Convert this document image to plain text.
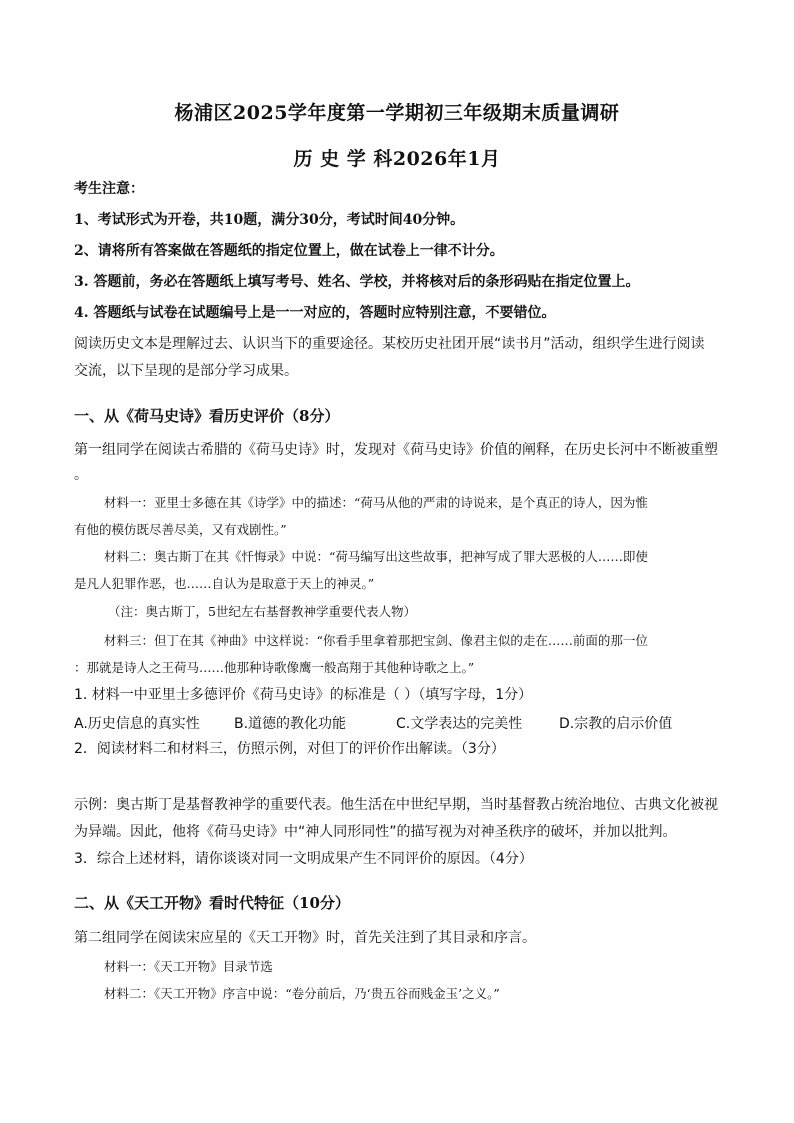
杨浦区2025学年度第一学期初三年级期末质量调研
历 史 学 科2026年1月
考生注意：
1、考试形式为开卷，共10题，满分30分，考试时间40分钟。
2、请将所有答案做在答题纸的指定位置上，做在试卷上一律不计分。
3. 答题前，务必在答题纸上填写考号、姓名、学校，并将核对后的条形码贴在指定位置上。
4. 答题纸与试卷在试题编号上是一一对应的，答题时应特别注意，不要错位。
阅读历史文本是理解过去、认识当下的重要途径。某校历史社团开展“读书月”活动，组织学生进行阅读
交流，以下呈现的是部分学习成果。
一、从《荷马史诗》看历史评价（8分）
第一组同学在阅读古希腊的《荷马史诗》时，发现对《荷马史诗》价值的阐释，在历史长河中不断被重塑
。
材料一：亚里士多德在其《诗学》中的描述：“荷马从他的严肃的诗说来，是个真正的诗人，因为惟
有他的模仿既尽善尽美，又有戏剧性。”
材料二：奥古斯丁在其《忏悔录》中说：“荷马编写出这些故事，把神写成了罪大恶极的人……即使
是凡人犯罪作恶，也……自认为是取意于天上的神灵。”
（注：奥古斯丁，5世纪左右基督教神学重要代表人物）
材料三：但丁在其《神曲》中这样说：“你看手里拿着那把宝剑、像君主似的走在……前面的那一位
：那就是诗人之王荷马……他那种诗歌像鹰一般高翔于其他种诗歌之上。”
1. 材料一中亚里士多德评价《荷马史诗》的标准是（ ）（填写字母，1分）
A.历史信息的真实性 B.道德的教化功能	C.文学表达的完美性	D.宗教的启示价值
2．阅读材料二和材料三，仿照示例，对但丁的评价作出解读。（3分）
示例：奥古斯丁是基督教神学的重要代表。他生活在中世纪早期，当时基督教占统治地位、古典文化被视
为异端。因此，他将《荷马史诗》中“神人同形同性”的描写视为对神圣秩序的破坏，并加以批判。
3．综合上述材料，请你谈谈对同一文明成果产生不同评价的原因。（4分）
二、从《天工开物》看时代特征（10分）
第二组同学在阅读宋应星的《天工开物》时，首先关注到了其目录和序言。
材料一：《天工开物》目录节选
材料二：《天工开物》序言中说：“卷分前后，乃‘贵五谷而贱金玉’之义。”
